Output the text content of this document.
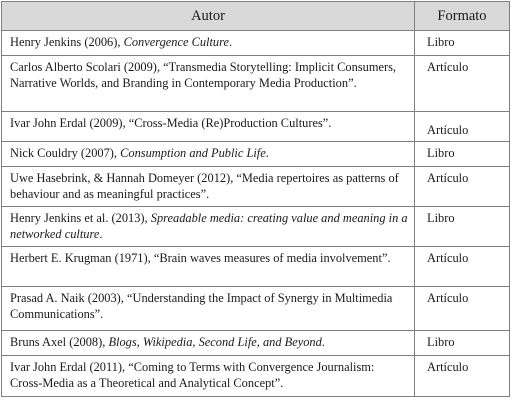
Autor	Formato
Henry Jenkins (2006), Convergence Culture.	Libro
Carlos Alberto Scolari (2009), “Transmedia Storytelling: Implicit Consumers, Narrative Worlds, and Branding in Contemporary Media Production”.	Artículo
Ivar John Erdal (2009), “Cross-Media (Re)Production Cultures”.	Artículo
Nick Couldry (2007), Consumption and Public Life.	Libro
Uwe Hasebrink, & Hannah Domeyer (2012), “Media repertoires as patterns of behaviour and as meaningful practices”.	Artículo
Henry Jenkins et al. (2013), Spreadable media: creating value and meaning in a networked culture.	Libro
Herbert E. Krugman (1971), “Brain waves measures of media involvement”.	Artículo
Prasad A. Naik (2003), “Understanding the Impact of Synergy in Multimedia Communications”.	Artículo
Bruns Axel (2008), Blogs, Wikipedia, Second Life, and Beyond.	Libro
Ivar John Erdal (2011), “Coming to Terms with Convergence Journalism: Cross-Media as a Theoretical and Analytical Concept”.	Artículo
